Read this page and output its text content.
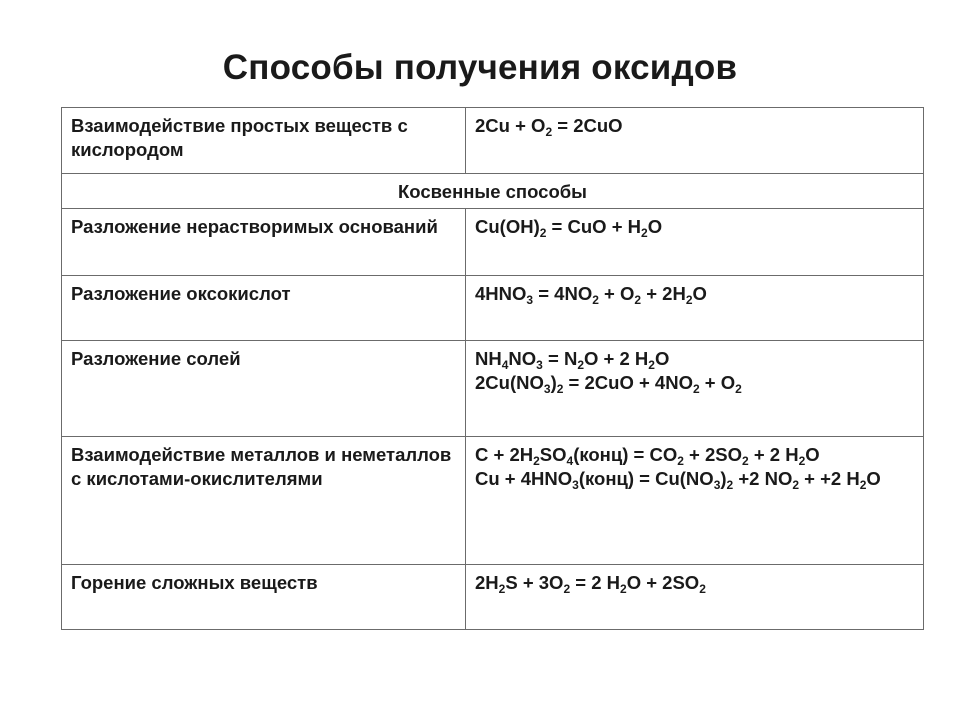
Способы получения оксидов
Взаимодействие простых веществ с кислородом	$2Cu + O_2 = 2CuO$

Косвенные способы	
Разложение нерастворимых оснований	$Cu(OH)_2$ = CuO + $H_2O$

Разложение оксокислот	$4HNO_3 = 4NO_2 + O_2 + 2H_2O$

Разложение солей	$NH_4NO_3 = N_2O + 2$ $H_2O$
$2Cu(NO_3)_2 = 2CuO + 4NO_2 + O_2$

Взаимодействие металлов и неметаллов с кислотами-окислителями	$C + 2H_2SO_4(конц) = CO_2 + 2SO_2 + 2$ $H_2O$
$Cu + 4HNO_3(конц) = Cu(NO_3)_2 +2$ $NO_2 + +2$ $H_2O$

Горение сложных веществ	$2H_2S + 3O_2 = 2$ $H_2O + 2SO_2$
